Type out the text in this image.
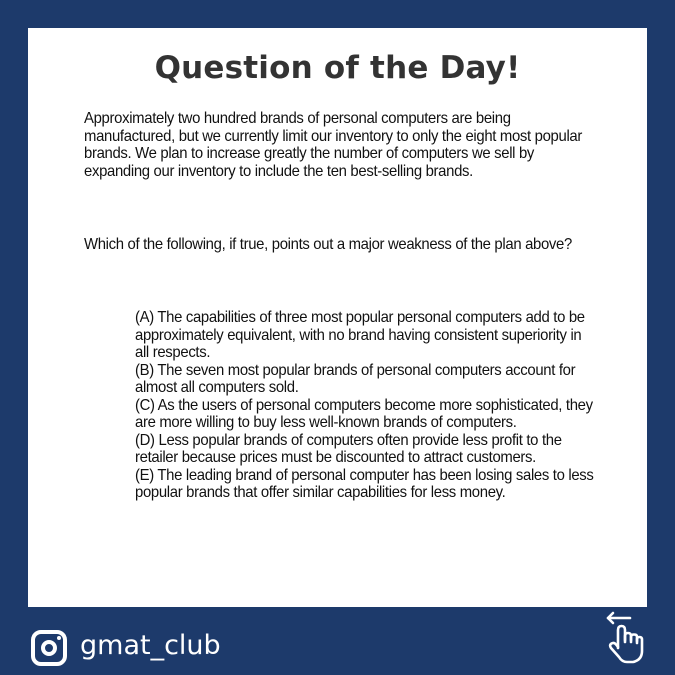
Question of the Day!

Approximately two hundred brands of personal computers are being manufactured, but we currently limit our inventory to only the eight most popular brands. We plan to increase greatly the number of computers we sell by expanding our inventory to include the ten best-selling brands.

Which of the following, if true, points out a major weakness of the plan above?

(A) The capabilities of three most popular personal computers add to be approximately equivalent, with no brand having consistent superiority in all respects.
(B) The seven most popular brands of personal computers account for almost all computers sold.
(C) As the users of personal computers become more sophisticated, they are more willing to buy less well-known brands of computers.
(D) Less popular brands of computers often provide less profit to the retailer because prices must be discounted to attract customers.
(E) The leading brand of personal computer has been losing sales to less popular brands that offer similar capabilities for less money.
gmat_club
